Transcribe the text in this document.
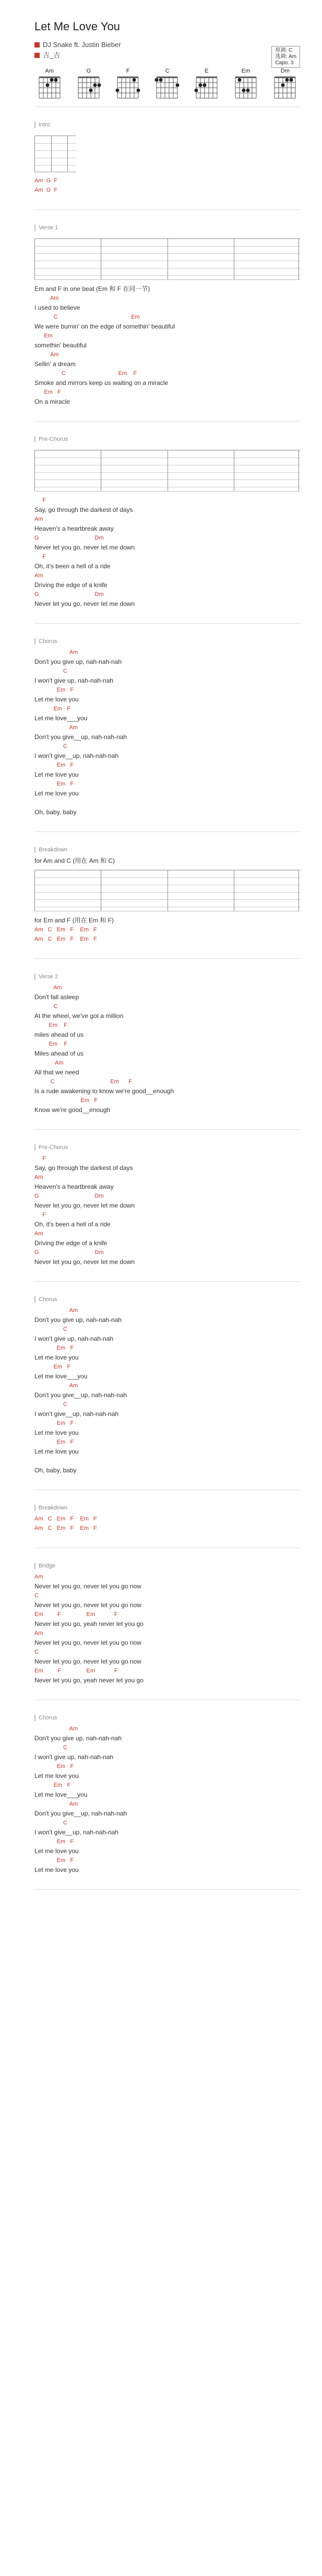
Let Me Love You
DJ Snake ft. Justin Bieber
吉_吉
原调: C
选调: Am
Capo: 3
Am	G	F	C	E	Em	Dm
Intro
Am  G  F
Am  G  F
Verse 1
Em and F in one beat (Em 和 F 在同一节)
Am
I used to believe
C                                              Em
We were burnin' on the edge of somethin' beautiful
Em
somethin' beautiful
Am
Sellin' a dream
C                                 Em    F
Smoke and mirrors keep us waiting on a miracle
Em   F
On a miracle
Pre-Chorus
F
Say, go through the darkest of days
Am
Heaven's a heartbreak away
G                                   Dm
Never let you go, never let me down
F
Oh, it's been a hell of a ride
Am
Driving the edge of a knife
G                                   Dm
Never let you go, never let me down
Chorus
Am
Don't you give up, nah-nah-nah
C
I won't give up, nah-nah-nah
Em   F
Let me love you
Em   F
Let me love___you
Am
Don't you give__up, nah-nah-nah
C
I won't give__up, nah-nah-nah
Em   F
Let me love you
Em   F
Let me love you

Oh, baby, baby
Breakdown
for Am and C (用在 Am 和 C)
for Em and F (用在 Em 和 F)
Am   C   Em   F    Em   F
Am   C   Em   F    Em   F
Verse 2
Am
Don't fall asleep
C
At the wheel, we've got a million
Em    F
miles ahead of us
Em    F
Miles ahead of us
Am
All that we need
C                                   Em      F
Is a rude awakening to know we're good__enough
Em   F
Know we're good__enough
Pre-Chorus
F
Say, go through the darkest of days
Am
Heaven's a heartbreak away
G                                   Dm
Never let you go, never let me down
F
Oh, it's been a hell of a ride
Am
Driving the edge of a knife
G                                   Dm
Never let you go, never let me down
Chorus
Am
Don't you give up, nah-nah-nah
C
I won't give up, nah-nah-nah
Em   F
Let me love you
Em   F
Let me love___you
Am
Don't you give__up, nah-nah-nah
C
I won't give__up, nah-nah-nah
Em   F
Let me love you
Em   F
Let me love you

Oh, baby, baby
Breakdown
Am   C   Em   F    Em   F
Am   C   Em   F    Em   F
Bridge
Am
Never let you go, never let you go now
C
Never let you go, never let you go now
Em         F                Em            F
Never let you go, yeah never let you go
Am
Never let you go, never let you go now
C
Never let you go, never let you go now
Em         F                Em            F
Never let you go, yeah never let you go
Chorus
Am
Don't you give up, nah-nah-nah
C
I won't give up, nah-nah-nah
Em   F
Let me love you
Em   F
Let me love___you
Am
Don't you give__up, nah-nah-nah
C
I won't give__up, nah-nah-nah
Em   F
Let me love you
Em   F
Let me love you
